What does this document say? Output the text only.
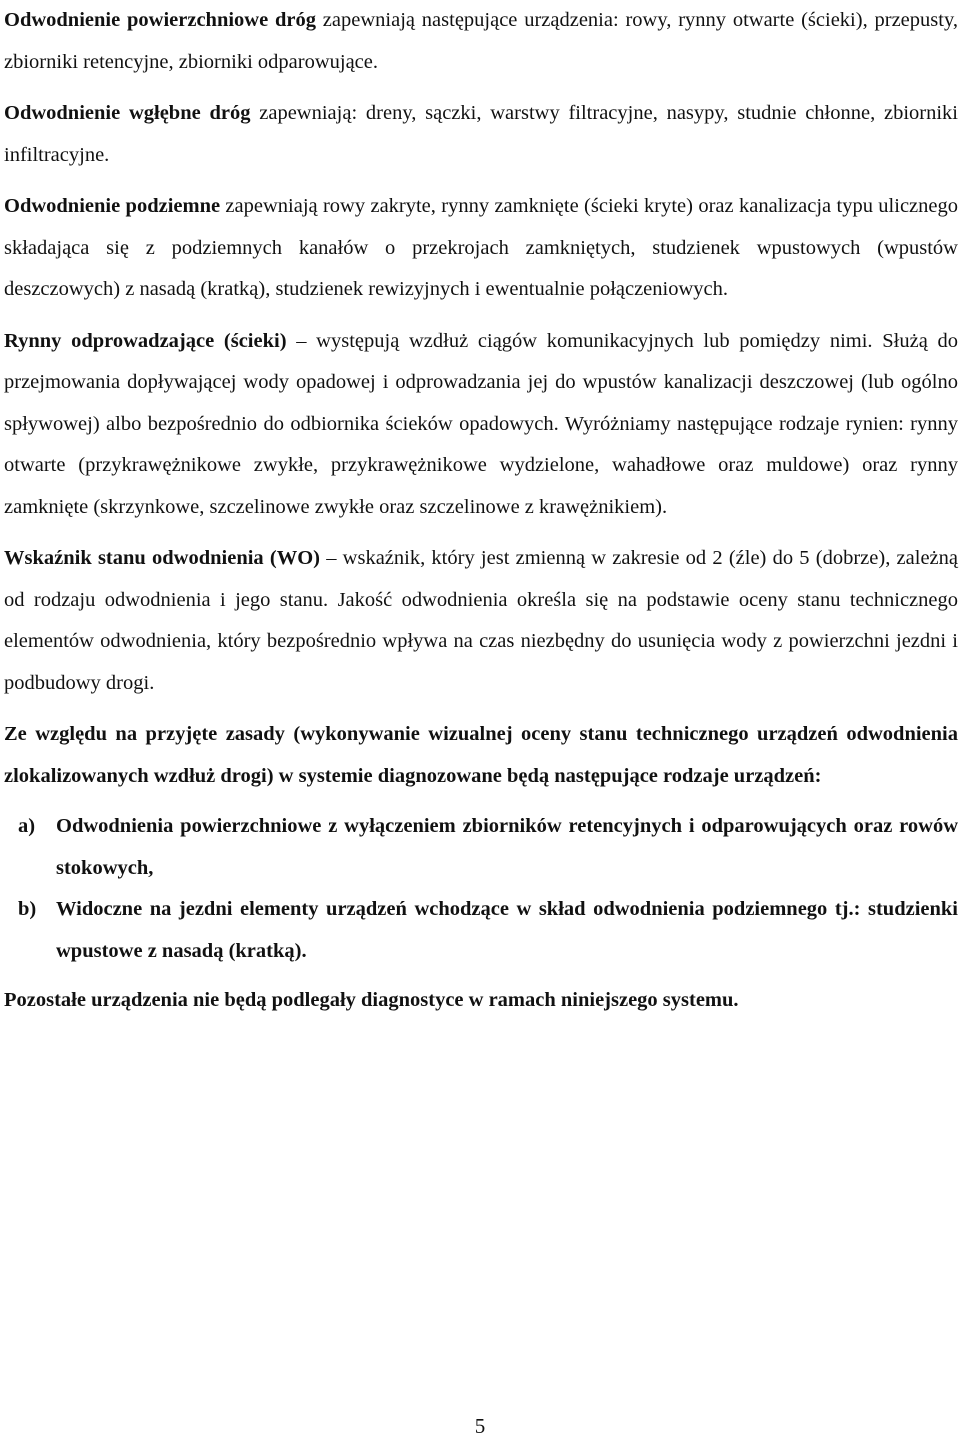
Odwodnienie powierzchniowe dróg zapewniają następujące urządzenia: rowy, rynny otwarte (ścieki), przepusty, zbiorniki retencyjne, zbiorniki odparowujące.

Odwodnienie wgłębne dróg zapewniają: dreny, sączki, warstwy filtracyjne, nasypy, studnie chłonne, zbiorniki infiltracyjne.

Odwodnienie podziemne zapewniają rowy zakryte, rynny zamknięte (ścieki kryte) oraz kanalizacja typu ulicznego składająca się z podziemnych kanałów o przekrojach zamkniętych, studzienek wpustowych (wpustów deszczowych) z nasadą (kratką), studzienek rewizyjnych i ewentualnie połączeniowych.

Rynny odprowadzające (ścieki) – występują wzdłuż ciągów komunikacyjnych lub pomiędzy nimi. Służą do przejmowania dopływającej wody opadowej i odprowadzania jej do wpustów kanalizacji deszczowej (lub ogólno spływowej) albo bezpośrednio do odbiornika ścieków opadowych. Wyróżniamy następujące rodzaje rynien: rynny otwarte (przykrawężnikowe zwykłe, przykrawężnikowe wydzielone, wahadłowe oraz muldowe) oraz rynny zamknięte (skrzynkowe, szczelinowe zwykłe oraz szczelinowe z krawężnikiem).

Wskaźnik stanu odwodnienia (WO) – wskaźnik, który jest zmienną w zakresie od 2 (źle) do 5 (dobrze), zależną od rodzaju odwodnienia i jego stanu. Jakość odwodnienia określa się na podstawie oceny stanu technicznego elementów odwodnienia, który bezpośrednio wpływa na czas niezbędny do usunięcia wody z powierzchni jezdni i podbudowy drogi.

Ze względu na przyjęte zasady (wykonywanie wizualnej oceny stanu technicznego urządzeń odwodnienia zlokalizowanych wzdłuż drogi) w systemie diagnozowane będą następujące rodzaje urządzeń:

a) Odwodnienia powierzchniowe z wyłączeniem zbiorników retencyjnych i odparowujących oraz rowów stokowych,
b) Widoczne na jezdni elementy urządzeń wchodzące w skład odwodnienia podziemnego tj.: studzienki wpustowe z nasadą (kratką).

Pozostałe urządzenia nie będą podlegały diagnostyce w ramach niniejszego systemu.

5
